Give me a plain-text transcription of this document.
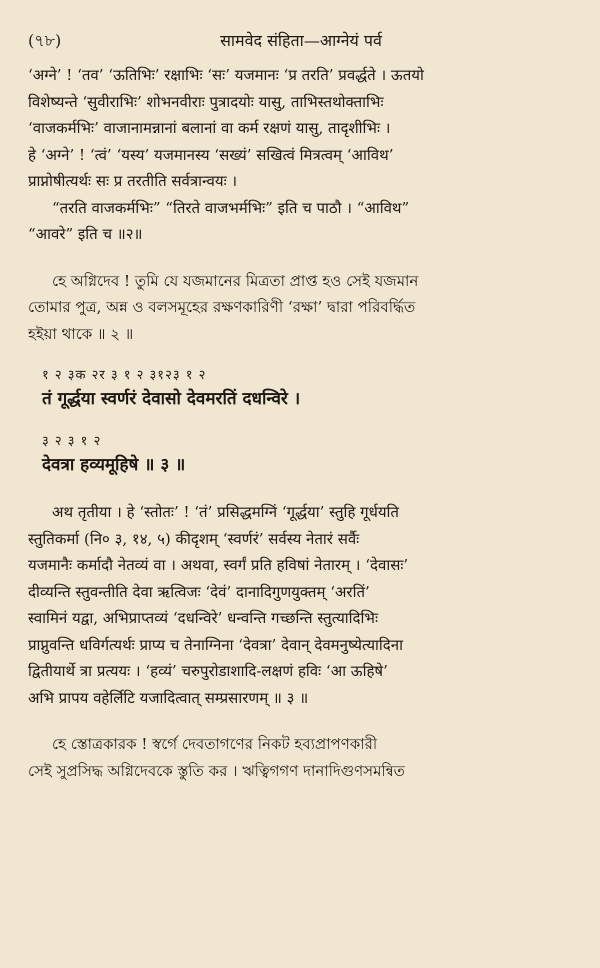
(৭৮)	सामवेद संहिता—आग्नेयं पर्व
‘अग्ने’ ! ‘तव’ ‘ऊतिभिः’ रक्षाभिः ‘सः’ यजमानः ‘प्र तरति’ प्रवर्द्धते । ऊतयो
विशेष्यन्ते ‘सुवीराभिः’ शोभनवीराः पुत्रादयोः यासु, ताभिस्तथोक्ताभिः
‘वाजकर्मभिः’ वाजानामन्नानां बलानां वा कर्म रक्षणं यासु, तादृशीभिः ।
हे ‘अग्ने’ ! ‘त्वं’ ‘यस्य’ यजमानस्य ‘सख्यं’ सखित्वं मित्रत्वम् ‘आविथ’
प्राप्नोषीत्यर्थः सः प्र तरतीति सर्वत्रान्वयः ।
“तरति वाजकर्मभिः” “तिरते वाजभर्मभिः” इति च पाठौ । “आविथ”
“आवरे” इति च ॥२॥
হে অগ্নিদেব ! তুমি যে যজমানের মিত্রতা প্রাপ্ত হও সেই যজমান
তোমার পুত্র, অন্ন ও বলসমূহের রক্ষণকারিণী ‘রক্ষা’ দ্বারা পরিবর্দ্ধিত
হইয়া থাকে ॥ ২ ॥
१ २ ३क २र ३ १ २ ३१२३ १ २
तं गूर्द्धया स्वर्णरं देवासो देवमरतिं दधन्विरे ।
३ २ ३ १ २
देवत्रा हव्यमूहिषे ॥ ३ ॥
अथ तृतीया । हे ‘स्तोतः’ ! ‘तं’ प्रसिद्धमग्निं ‘गूर्द्धया’ स्तुहि गूर्धयति
स्तुतिकर्मा (नि० ३, १४, ५) कीदृशम् ‘स्वर्णरं’ सर्वस्य नेतारं सर्वैः
यजमानैः कर्मादौ नेतव्यं वा । अथवा, स्वर्गं प्रति हविषां नेतारम् । ‘देवासः’
दीव्यन्ति स्तुवन्तीति देवा ऋत्विजः ‘देवं’ दानादिगुणयुक्तम् ‘अरतिं’
स्वामिनं यद्वा, अभिप्राप्तव्यं ‘दधन्विरे’ धन्वन्ति गच्छन्ति स्तुत्यादिभिः
प्राप्नुवन्ति धविर्गत्यर्थः प्राप्य च तेनाग्निना ‘देवत्रा’ देवान् देवमनुष्येत्यादिना
द्वितीयार्थे त्रा प्रत्ययः । ‘हव्यं’ चरुपुरोडाशादि-लक्षणं हविः ‘आ ऊहिषे’
अभि प्रापय वहेर्लिटि यजादित्वात् सम्प्रसारणम् ॥ ३ ॥
হে স্তোত্রকারক ! স্বর্গে দেবতাগণের নিকট হব্যপ্রাপণকারী
সেই সুপ্রসিদ্ধ অগ্নিদেবকে স্তুতি কর । ঋত্বিগগণ দানাদিগুণসমন্বিত
